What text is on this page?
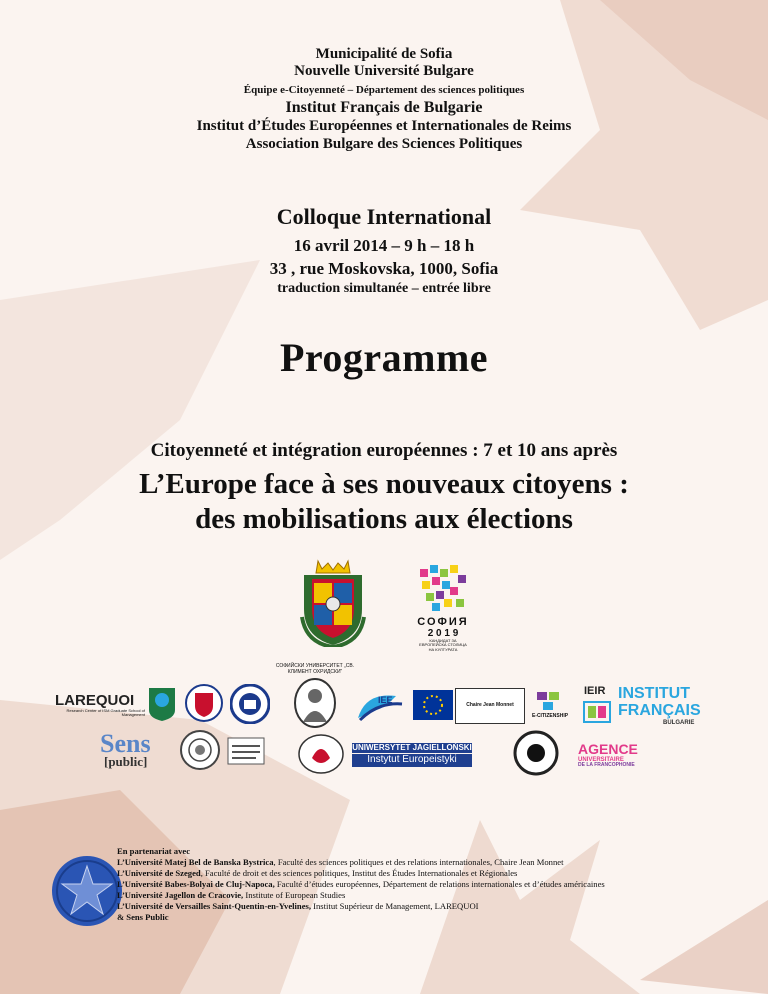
Municipalité de Sofia
Nouvelle Université Bulgare
Équipe e-Citoyenneté – Département des sciences politiques
Institut Français de Bulgarie
Institut d’Études Européennes et Internationales de Reims
Association Bulgare des Sciences Politiques
Colloque International
16 avril 2014 – 9 h – 18 h
33 , rue Moskovska, 1000, Sofia
traduction simultanée – entrée libre
Programme
Citoyenneté et intégration européennes : 7 et 10 ans après
L’Europe face à ses nouveaux citoyens :
des mobilisations aux élections
СОФИЯ
2 0 1 9
КАНДИДАТ ЗА ЕВРОПЕЙСКА СТОЛИЦА НА КУЛТУРАТА
LAREQUOI
Research Center of ISM Graduate School of Management
СОФИЙСКИ УНИВЕРСИТЕТ „СВ. КЛИМЕНТ ОХРИДСКИ“
IEE
Chaire Jean Monnet
E-CITIZENSHIP
IEIR INSTITUT
FRANÇAIS
BULGARIE
Sens
[public]
UNIWERSYTET JAGIELLOŃSKI
Instytut Europeistyki
AGENCE
UNIVERSITAIRE
DE LA FRANCOPHONIE
En partenariat avec
L’Université Matej Bel de Banska Bystrica, Faculté des sciences politiques et des relations internationales, Chaire Jean Monnet
L’Université de Szeged, Faculté de droit et des sciences politiques, Institut des Études Internationales et Régionales
L’Université Babes-Bolyai de Cluj-Napoca, Faculté d’études européennes, Département de relations internationales et d’études américaines
L’Université Jagellon de Cracovie, Institute of European Studies
L’Université de Versailles Saint-Quentin-en-Yvelines, Institut Supérieur de Management, LAREQUOI
& Sens Public
